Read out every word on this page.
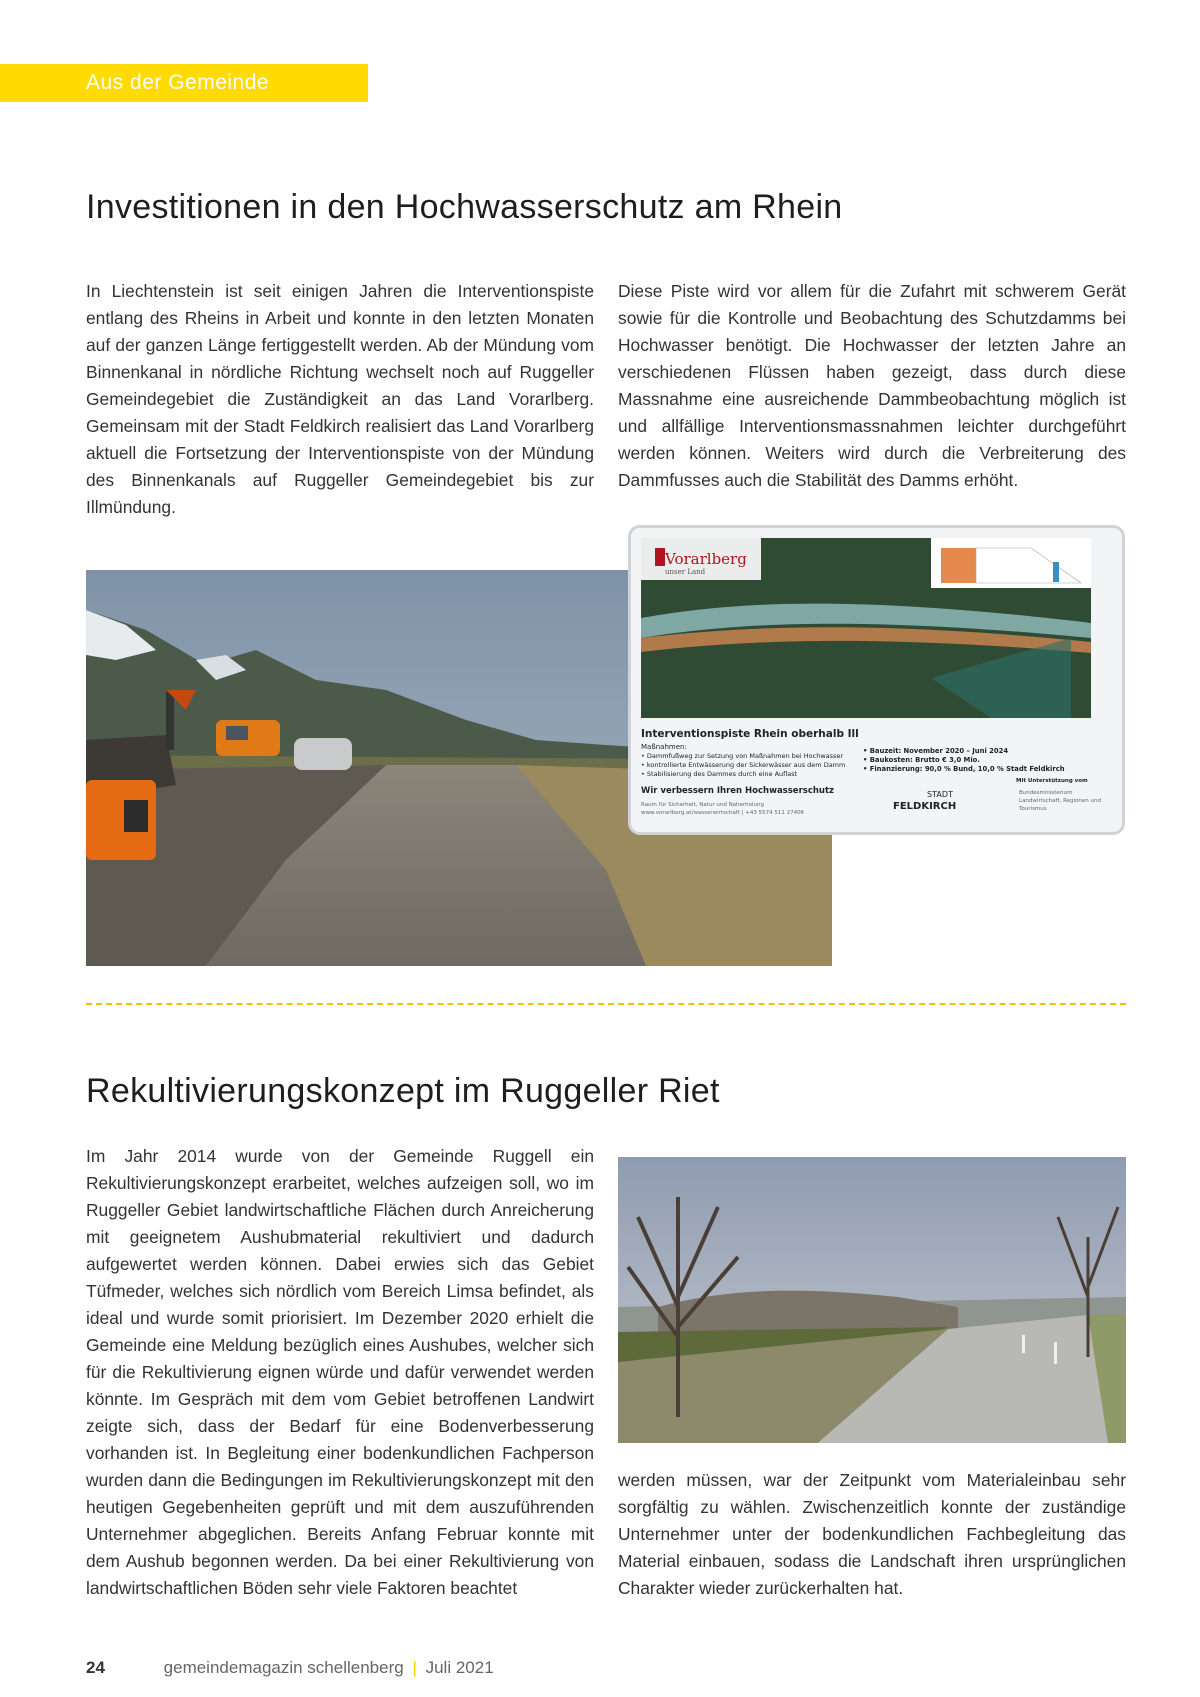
Aus der Gemeinde
Investitionen in den Hochwasserschutz am Rhein

In Liechtenstein ist seit einigen Jahren die Interventionspiste entlang des Rheins in Arbeit und konnte in den letzten Monaten auf der ganzen Länge fertiggestellt werden. Ab der Mündung vom Binnenkanal in nördliche Richtung wechselt noch auf Ruggeller Gemeindegebiet die Zuständigkeit an das Land Vorarlberg. Gemeinsam mit der Stadt Feldkirch realisiert das Land Vorarlberg aktuell die Fortsetzung der Interventionspiste von der Mündung des Binnenkanals auf Ruggeller Gemeindegebiet bis zur Illmündung.

Diese Piste wird vor allem für die Zufahrt mit schwerem Gerät sowie für die Kontrolle und Beobachtung des Schutzdamms bei Hochwasser benötigt. Die Hochwasser der letzten Jahre an verschiedenen Flüssen haben gezeigt, dass durch diese Massnahme eine ausreichende Dammbeobachtung möglich ist und allfällige Interventionsmassnahmen leichter durchgeführt werden können. Weiters wird durch die Verbreiterung des Dammfusses auch die Stabilität des Damms erhöht.

Vorarlberg
unser Land
Interventionspiste Rhein oberhalb Ill
Maßnahmen:
• Dammfußweg zur Setzung von Maßnahmen bei Hochwasser
• kontrollierte Entwässerung der Sickerwässer aus dem Damm
• Stabilisierung des Dammes durch eine Auflast
• Bauzeit: November 2020 – Juni 2024
• Baukosten: Brutto € 3,0 Mio.
• Finanzierung: 90,0 % Bund, 10,0 % Stadt Feldkirch
Wir verbessern Ihren Hochwasserschutz
Raum für Sicherheit, Natur und Naherholung
www.vorarlberg.at/wasserwirtschaft | +43 5574 511 27406
STADT
FELDKIRCH
Mit Unterstützung vom
Bundesministerium Landwirtschaft, Regionen und Tourismus
Rekultivierungskonzept im Ruggeller Riet

Im Jahr 2014 wurde von der Gemeinde Ruggell ein Rekultivierungskonzept erarbeitet, welches aufzeigen soll, wo im Ruggeller Gebiet landwirtschaftliche Flächen durch Anreicherung mit geeignetem Aushubmaterial rekultiviert und dadurch aufgewertet werden können. Dabei erwies sich das Gebiet Tüfmeder, welches sich nördlich vom Bereich Limsa befindet, als ideal und wurde somit priorisiert. Im Dezember 2020 erhielt die Gemeinde eine Meldung bezüglich eines Aushubes, welcher sich für die Rekultivierung eignen würde und dafür verwendet werden könnte. Im Gespräch mit dem vom Gebiet betroffenen Landwirt zeigte sich, dass der Bedarf für eine Bodenverbesserung vorhanden ist. In Begleitung einer bodenkundlichen Fachperson wurden dann die Bedingungen im Rekultivierungskonzept mit den heutigen Gegebenheiten geprüft und mit dem auszuführenden Unternehmer abgeglichen. Bereits Anfang Februar konnte mit dem Aushub begonnen werden. Da bei einer Rekultivierung von landwirtschaftlichen Böden sehr viele Faktoren beachtet

werden müssen, war der Zeitpunkt vom Materialeinbau sehr sorgfältig zu wählen. Zwischenzeitlich konnte der zuständige Unternehmer unter der bodenkundlichen Fachbegleitung das Material einbauen, sodass die Landschaft ihren ursprünglichen Charakter wieder zurückerhalten hat.

24	gemeindemagazin schellenberg | Juli 2021
